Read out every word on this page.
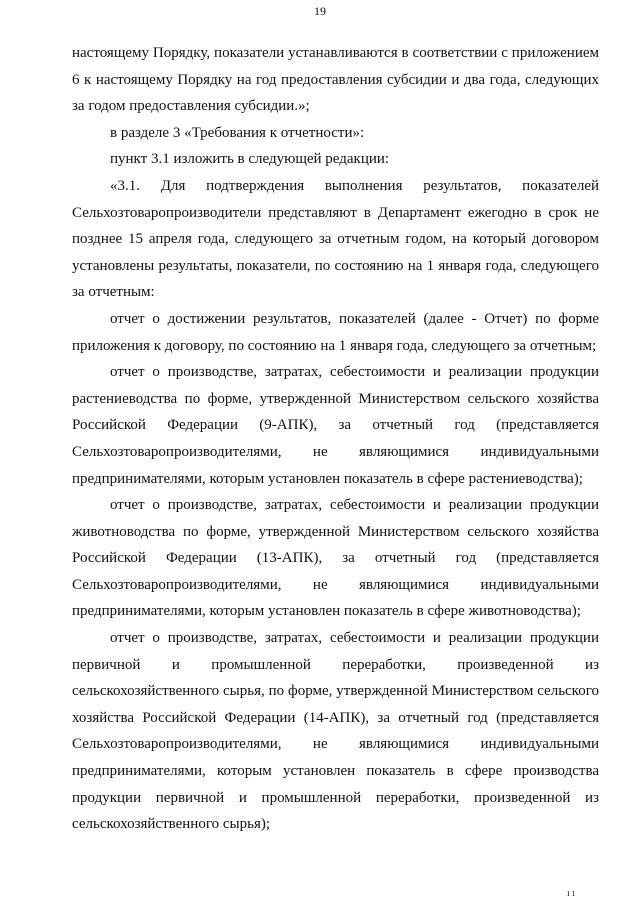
19

настоящему Порядку, показатели устанавливаются в соответствии с приложением 6 к настоящему Порядку на год предоставления субсидии и два года, следующих за годом предоставления субсидии.»;

в разделе 3 «Требования к отчетности»:

пункт 3.1 изложить в следующей редакции:

«3.1. Для подтверждения выполнения результатов, показателей Сельхозтоваропроизводители представляют в Департамент ежегодно в срок не позднее 15 апреля года, следующего за отчетным годом, на который договором установлены результаты, показатели, по состоянию на 1 января года, следующего за отчетным:

отчет о достижении результатов, показателей (далее - Отчет) по форме приложения к договору, по состоянию на 1 января года, следующего за отчетным;

отчет о производстве, затратах, себестоимости и реализации продукции растениеводства по форме, утвержденной Министерством сельского хозяйства Российской Федерации (9-АПК), за отчетный год (представляется Сельхозтоваропроизводителями, не являющимися индивидуальными предпринимателями, которым установлен показатель в сфере растениеводства);

отчет о производстве, затратах, себестоимости и реализации продукции животноводства по форме, утвержденной Министерством сельского хозяйства Российской Федерации (13-АПК), за отчетный год (представляется Сельхозтоваропроизводителями, не являющимися индивидуальными предпринимателями, которым установлен показатель в сфере животноводства);

отчет о производстве, затратах, себестоимости и реализации продукции первичной и промышленной переработки, произведенной из сельскохозяйственного сырья, по форме, утвержденной Министерством сельского хозяйства Российской Федерации (14-АПК), за отчетный год (представляется Сельхозтоваропроизводителями, не являющимися индивидуальными предпринимателями, которым установлен показатель в сфере производства продукции первичной и промышленной переработки, произведенной из сельскохозяйственного сырья);

ı ı
